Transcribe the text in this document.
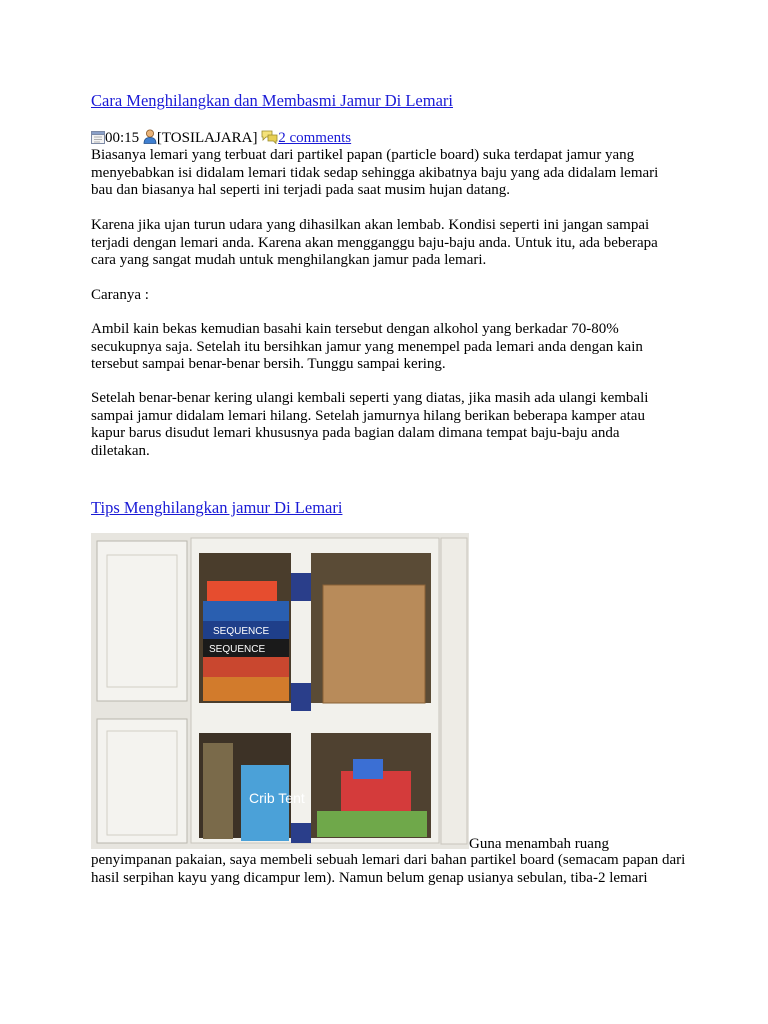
Cara Menghilangkan dan Membasmi Jamur Di Lemari
00:15 [TOSILAJARA] 2 comments

Biasanya lemari yang terbuat dari partikel papan (particle board) suka terdapat jamur yang menyebabkan isi didalam lemari tidak sedap sehingga akibatnya baju yang ada didalam lemari bau dan biasanya hal seperti ini terjadi pada saat musim hujan datang.

Karena jika ujan turun udara yang dihasilkan akan lembab. Kondisi seperti ini jangan sampai terjadi dengan lemari anda. Karena akan mengganggu baju-baju anda. Untuk itu, ada beberapa cara yang sangat mudah untuk menghilangkan jamur pada lemari.

Caranya :

Ambil kain bekas kemudian basahi kain tersebut dengan alkohol yang berkadar 70-80% secukupnya saja. Setelah itu bersihkan jamur yang menempel pada lemari anda dengan kain tersebut sampai benar-benar bersih. Tunggu sampai kering.

Setelah benar-benar kering ulangi kembali seperti yang diatas, jika masih ada ulangi kembali sampai jamur didalam lemari hilang. Setelah jamurnya hilang berikan beberapa kamper atau kapur barus disudut lemari khususnya pada bagian dalam dimana tempat baju-baju anda diletakan.

Tips Menghilangkan jamur Di Lemari
SEQUENCE
SEQUENCE
Crib Tent
Guna menambah ruang

penyimpanan pakaian, saya membeli sebuah lemari dari bahan partikel board (semacam papan dari hasil serpihan kayu yang dicampur lem). Namun belum genap usianya sebulan, tiba-2 lemari
